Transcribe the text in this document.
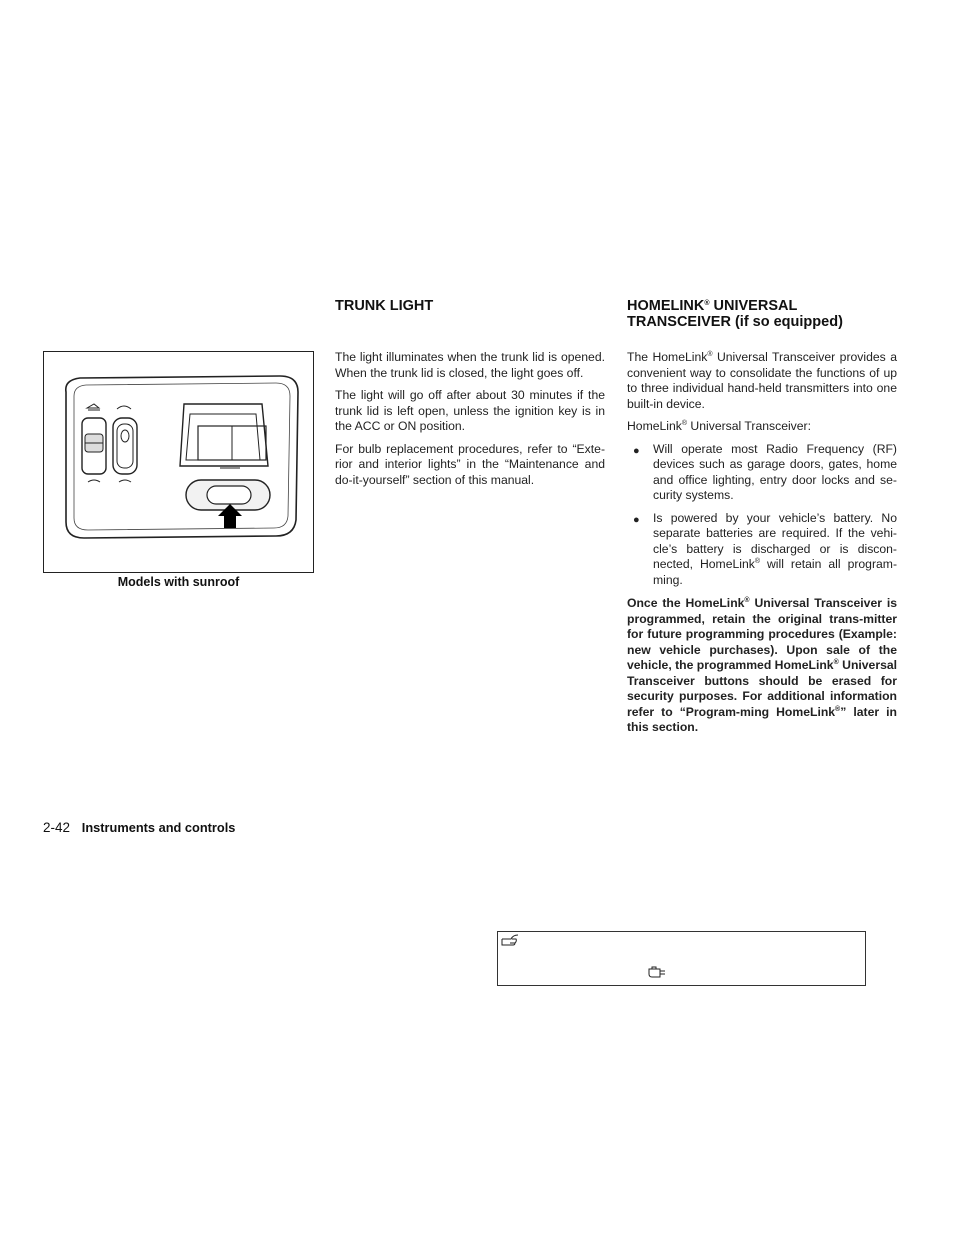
Models with sunroof
TRUNK LIGHT

The light illuminates when the trunk lid is opened. When the trunk lid is closed, the light goes off.

The light will go off after about 30 minutes if the trunk lid is left open, unless the ignition key is in the ACC or ON position.

For bulb replacement procedures, refer to “Exte-rior and interior lights” in the “Maintenance and do-it-yourself” section of this manual.

HOMELINK® UNIVERSAL
TRANSCEIVER (if so equipped)

The HomeLink® Universal Transceiver provides a convenient way to consolidate the functions of up to three individual hand-held transmitters into one built-in device.

HomeLink® Universal Transceiver:

● Will operate most Radio Frequency (RF) devices such as garage doors, gates, home and office lighting, entry door locks and se-curity systems.
● Is powered by your vehicle’s battery. No separate batteries are required. If the vehi-cle’s battery is discharged or is discon-nected, HomeLink® will retain all program-ming.

Once the HomeLink® Universal Transceiver is programmed, retain the original trans-mitter for future programming procedures (Example: new vehicle purchases). Upon sale of the vehicle, the programmed HomeLink® Universal Transceiver buttons should be erased for security purposes. For additional information refer to “Program-ming HomeLink®” later in this section.

2-42 Instruments and controls
